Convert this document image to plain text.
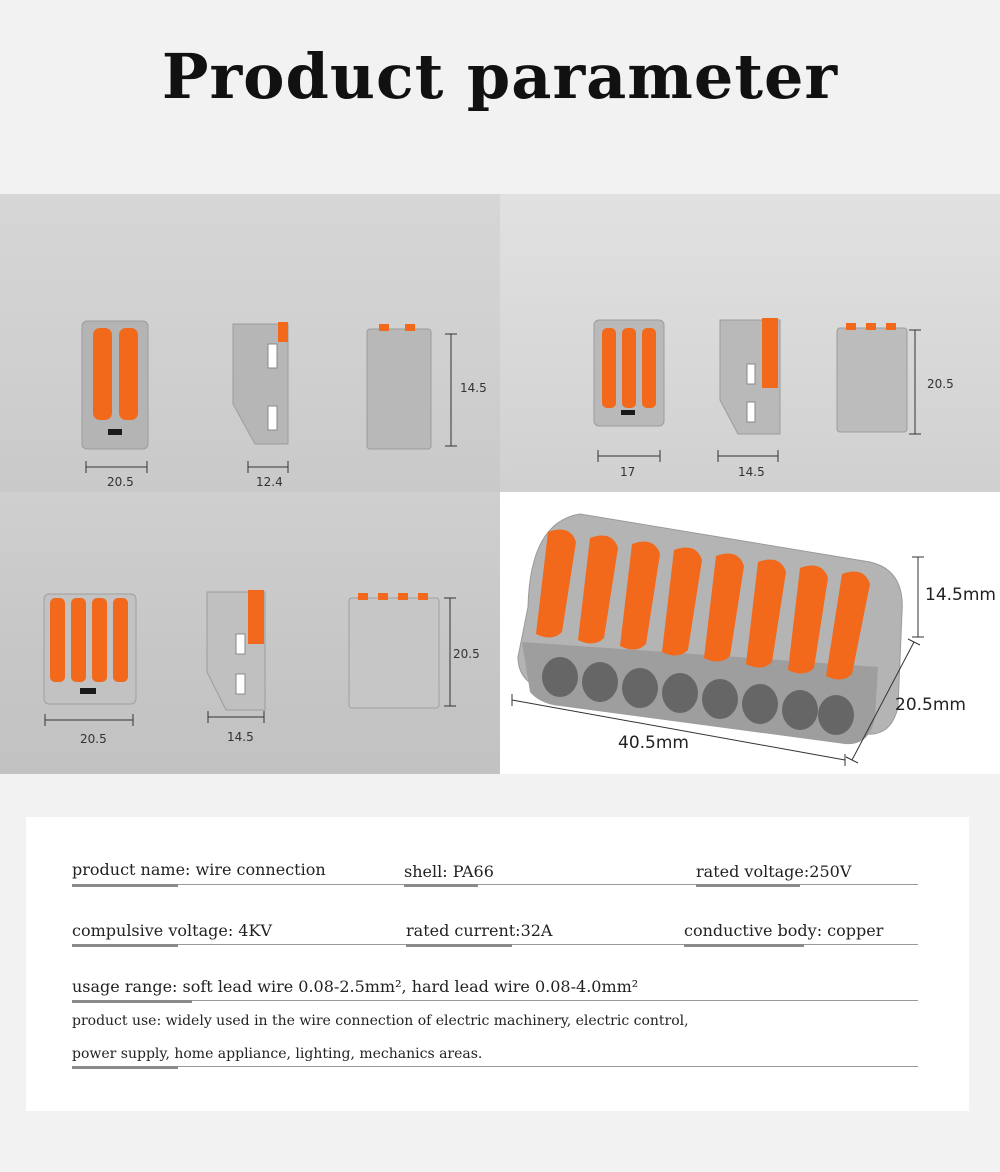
Product parameter
20.5	12.4
14.5
17	14.5
20.5
20.5	14.5
20.5
14.5mm
20.5mm
40.5mm
product name: wire connection	shell: PA66	rated voltage:250V
compulsive voltage: 4KV	rated current:32A	conductive body: copper
usage range: soft lead wire 0.08-2.5mm², hard lead wire 0.08-4.0mm²
product use: widely used in the wire connection of electric machinery, electric control,
power supply, home appliance, lighting, mechanics areas.
